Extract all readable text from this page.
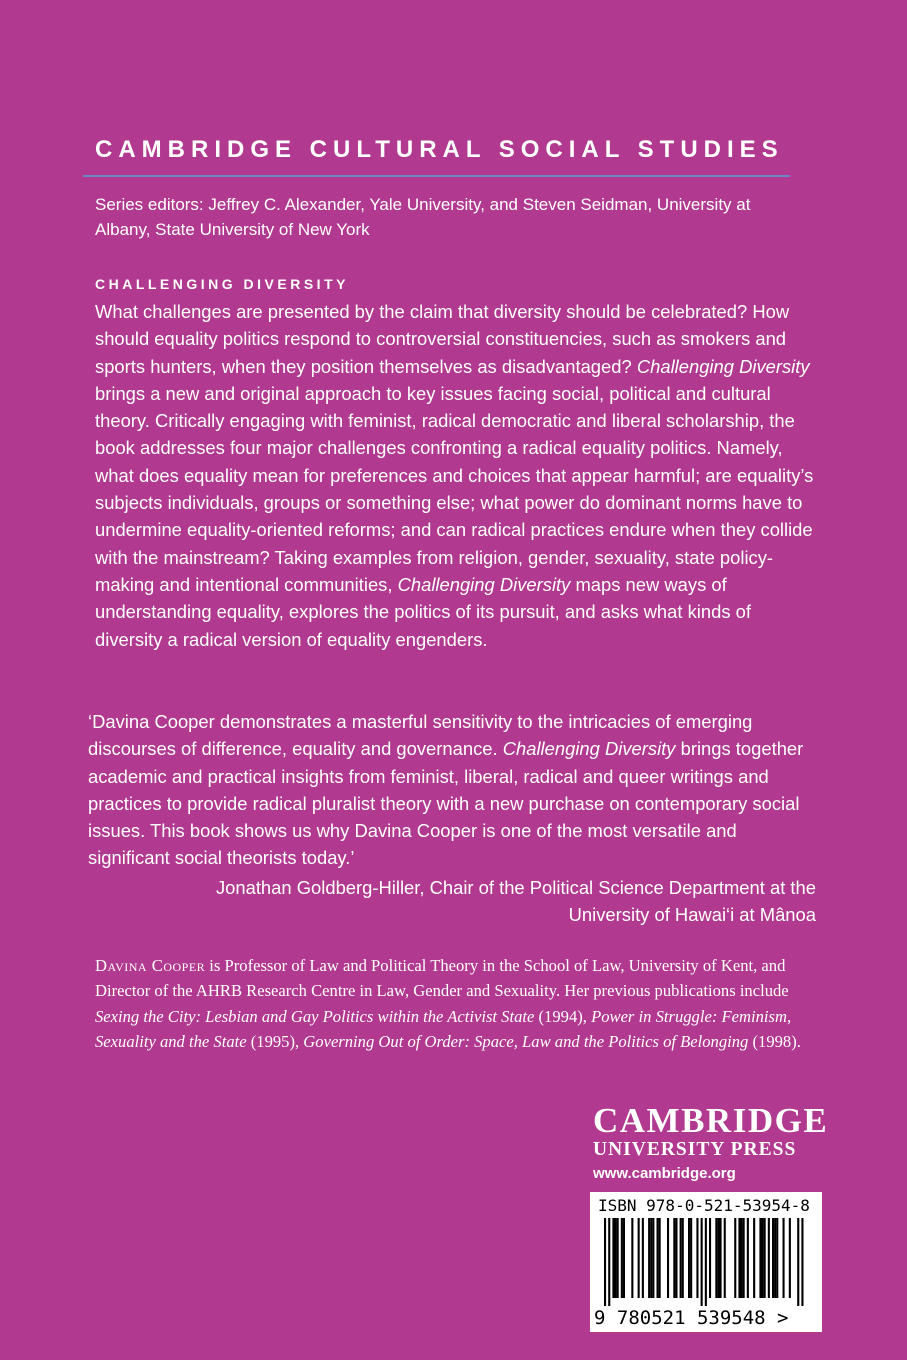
CAMBRIDGE CULTURAL SOCIAL STUDIES
Series editors: Jeffrey C. Alexander, Yale University, and Steven Seidman, University at Albany, State University of New York
CHALLENGING DIVERSITY

What challenges are presented by the claim that diversity should be celebrated? How should equality politics respond to controversial constituencies, such as smokers and sports hunters, when they position themselves as disadvantaged? Challenging Diversity brings a new and original approach to key issues facing social, political and cultural theory. Critically engaging with feminist, radical democratic and liberal scholarship, the book addresses four major challenges confronting a radical equality politics. Namely, what does equality mean for preferences and choices that appear harmful; are equality’s subjects individuals, groups or something else; what power do dominant norms have to undermine equality-oriented reforms; and can radical practices endure when they collide with the mainstream? Taking examples from religion, gender, sexuality, state policy-making and intentional communities, Challenging Diversity maps new ways of understanding equality, explores the politics of its pursuit, and asks what kinds of diversity a radical version of equality engenders.

‘Davina Cooper demonstrates a masterful sensitivity to the intricacies of emerging discourses of difference, equality and governance. Challenging Diversity brings together academic and practical insights from feminist, liberal, radical and queer writings and practices to provide radical pluralist theory with a new purchase on contemporary social issues. This book shows us why Davina Cooper is one of the most versatile and significant social theorists today.’

Jonathan Goldberg-Hiller, Chair of the Political Science Department at the
University of Hawai‘i at Mânoa

Davina Cooper is Professor of Law and Political Theory in the School of Law, University of Kent, and Director of the AHRB Research Centre in Law, Gender and Sexuality. Her previous publications include Sexing the City: Lesbian and Gay Politics within the Activist State (1994), Power in Struggle: Feminism, Sexuality and the State (1995), Governing Out of Order: Space, Law and the Politics of Belonging (1998).

CAMBRIDGE
UNIVERSITY PRESS
www.cambridge.org
ISBN 978-0-521-53954-8
9 780521 539548 >
